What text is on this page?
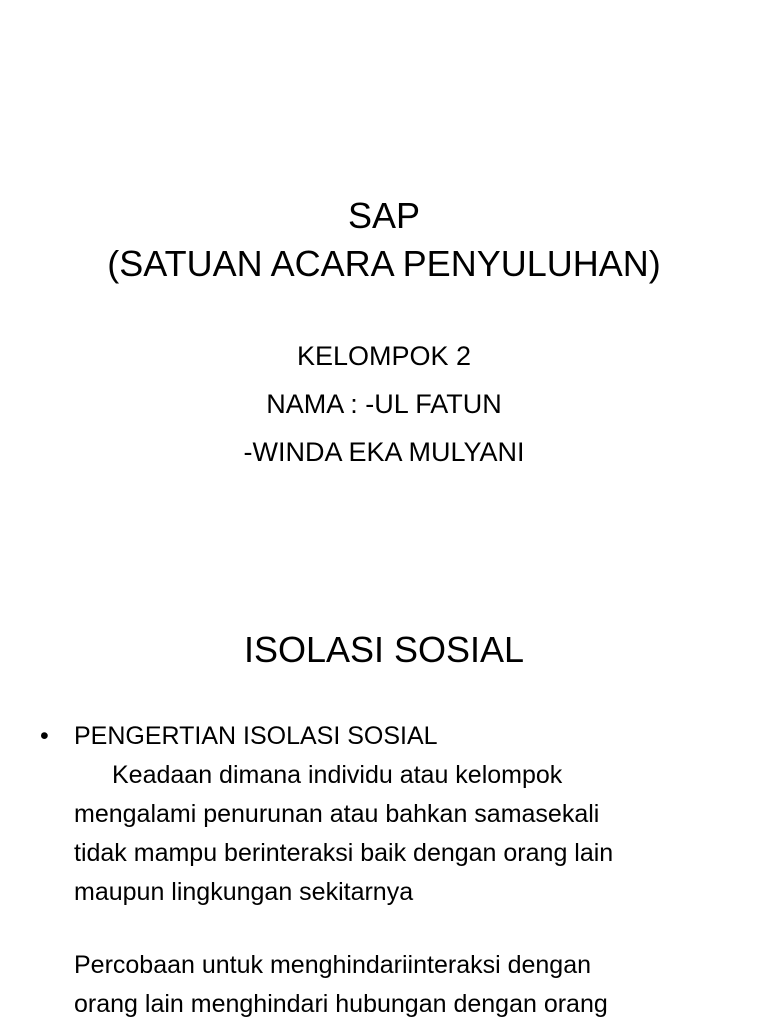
SAP
(SATUAN ACARA PENYULUHAN)
KELOMPOK 2
NAMA : -UL FATUN
-WINDA EKA MULYANI
ISOLASI SOSIAL
• PENGERTIAN ISOLASI SOSIAL
Keadaan dimana individu atau kelompok
mengalami penurunan atau bahkan samasekali
tidak mampu berinteraksi baik dengan orang lain
maupun lingkungan sekitarnya
Percobaan untuk menghindariinteraksi dengan
orang lain menghindari hubungan dengan orang
